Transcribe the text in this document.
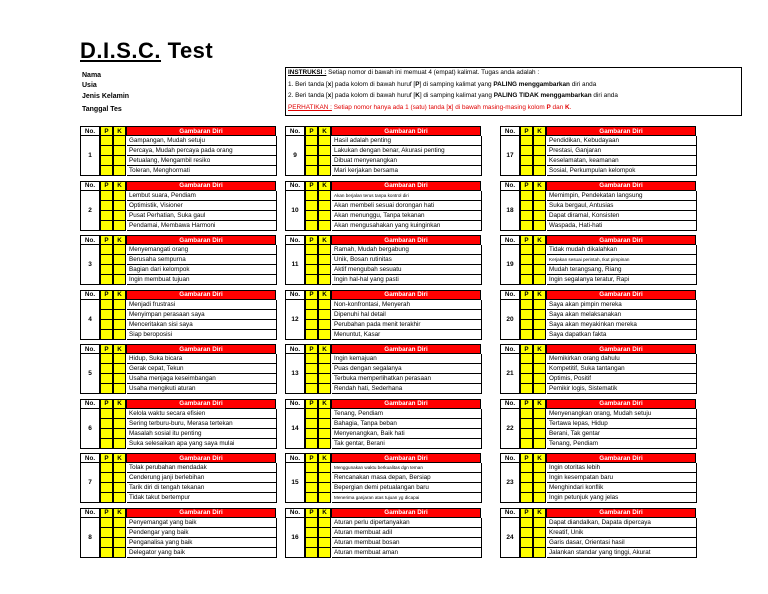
D.I.S.C. Test
Nama
Usia
Jenis Kelamin
Tanggal Tes
INSTRUKSI : Setiap nomor di bawah ini memuat 4 (empat) kalimat. Tugas anda adalah :
1. Beri tanda [x] pada kolom di bawah huruf [P] di samping kalimat yang PALING menggambarkan diri anda
2. Beri tanda [x] pada kolom di bawah huruf [K] di samping kalimat yang PALING TIDAK menggambarkan diri anda
PERHATIKAN : Setiap nomor hanya ada 1 (satu) tanda [x] di bawah masing-masing kolom P dan K.
No.	P	K	Gambaran Diri
1
Gampangan, Mudah setuju
Percaya, Mudah percaya pada orang
Petualang, Mengambil resiko
Toleran, Menghormati
No.	P	K	Gambaran Diri
2
Lembut suara, Pendiam
Optimistik, Visioner
Pusat Perhatian, Suka gaul
Pendamai, Membawa Harmoni
No.	P	K	Gambaran Diri
3
Menyemangati orang
Berusaha sempurna
Bagian dari kelompok
Ingin membuat tujuan
No.	P	K	Gambaran Diri
4
Menjadi frustrasi
Menyimpan perasaan saya
Menceritakan sisi saya
Siap beroposisi
No.	P	K	Gambaran Diri
5
Hidup, Suka bicara
Gerak cepat, Tekun
Usaha menjaga keseimbangan
Usaha mengikuti aturan
No.	P	K	Gambaran Diri
6
Kelola waktu secara efisien
Sering terburu-buru, Merasa tertekan
Masalah sosial itu penting
Suka selesaikan apa yang saya mulai
No.	P	K	Gambaran Diri
7
Tolak perubahan mendadak
Cenderung janji berlebihan
Tarik diri di tengah tekanan
Tidak takut bertempur
No.	P	K	Gambaran Diri
8
Penyemangat yang baik
Pendengar yang baik
Penganalisa yang baik
Delegator yang baik
No.	P	K	Gambaran Diri
9
Hasil adalah penting
Lakukan dengan benar, Akurasi penting
Dibuat menyenangkan
Mari kerjakan bersama
No.	P	K	Gambaran Diri
10
Akan berjalan terus tanpa kontrol diri
Akan membeli sesuai dorongan hati
Akan menunggu, Tanpa tekanan
Akan mengusahakan yang kuinginkan
No.	P	K	Gambaran Diri
11
Ramah, Mudah bergabung
Unik, Bosan rutinitas
Aktif mengubah sesuatu
Ingin hal-hal yang pasti
No.	P	K	Gambaran Diri
12
Non-konfrontasi, Menyerah
Dipenuhi hal detail
Perubahan pada menit terakhir
Menuntut, Kasar
No.	P	K	Gambaran Diri
13
Ingin kemajuan
Puas dengan segalanya
Terbuka memperlihatkan perasaan
Rendah hati, Sederhana
No.	P	K	Gambaran Diri
14
Tenang, Pendiam
Bahagia, Tanpa beban
Menyenangkan, Baik hati
Tak gentar, Berani
No.	P	K	Gambaran Diri
15
Menggunakan waktu berkualitas dgn teman
Rencanakan masa depan, Bersiap
Bepergian demi petualangan baru
Menerima ganjaran atas tujuan yg dicapai
No.	P	K	Gambaran Diri
16
Aturan perlu dipertanyakan
Aturan membuat adil
Aturan membuat bosan
Aturan membuat aman
No.	P	K	Gambaran Diri
17
Pendidikan, Kebudayaan
Prestasi, Ganjaran
Keselamatan, keamanan
Sosial, Perkumpulan kelompok
No.	P	K	Gambaran Diri
18
Memimpin, Pendekatan langsung
Suka bergaul, Antusias
Dapat diramal, Konsisten
Waspada, Hati-hati
No.	P	K	Gambaran Diri
19
Tidak mudah dikalahkan
Kerjakan sesuai perintah, Ikut pimpinan
Mudah terangsang, Riang
Ingin segalanya teratur, Rapi
No.	P	K	Gambaran Diri
20
Saya akan pimpin mereka
Saya akan melaksanakan
Saya akan meyakinkan mereka
Saya dapatkan fakta
No.	P	K	Gambaran Diri
21
Memikirkan orang dahulu
Kompetitif, Suka tantangan
Optimis, Positif
Pemikir logis, Sistematik
No.	P	K	Gambaran Diri
22
Menyenangkan orang, Mudah setuju
Tertawa lepas, Hidup
Berani, Tak gentar
Tenang, Pendiam
No.	P	K	Gambaran Diri
23
Ingin otoritas lebih
Ingin kesempatan baru
Menghindari konflik
Ingin petunjuk yang jelas
No.	P	K	Gambaran Diri
24
Dapat diandalkan, Dapata dipercaya
Kreatif, Unik
Garis dasar, Orientasi hasil
Jalankan standar yang tinggi, Akurat
